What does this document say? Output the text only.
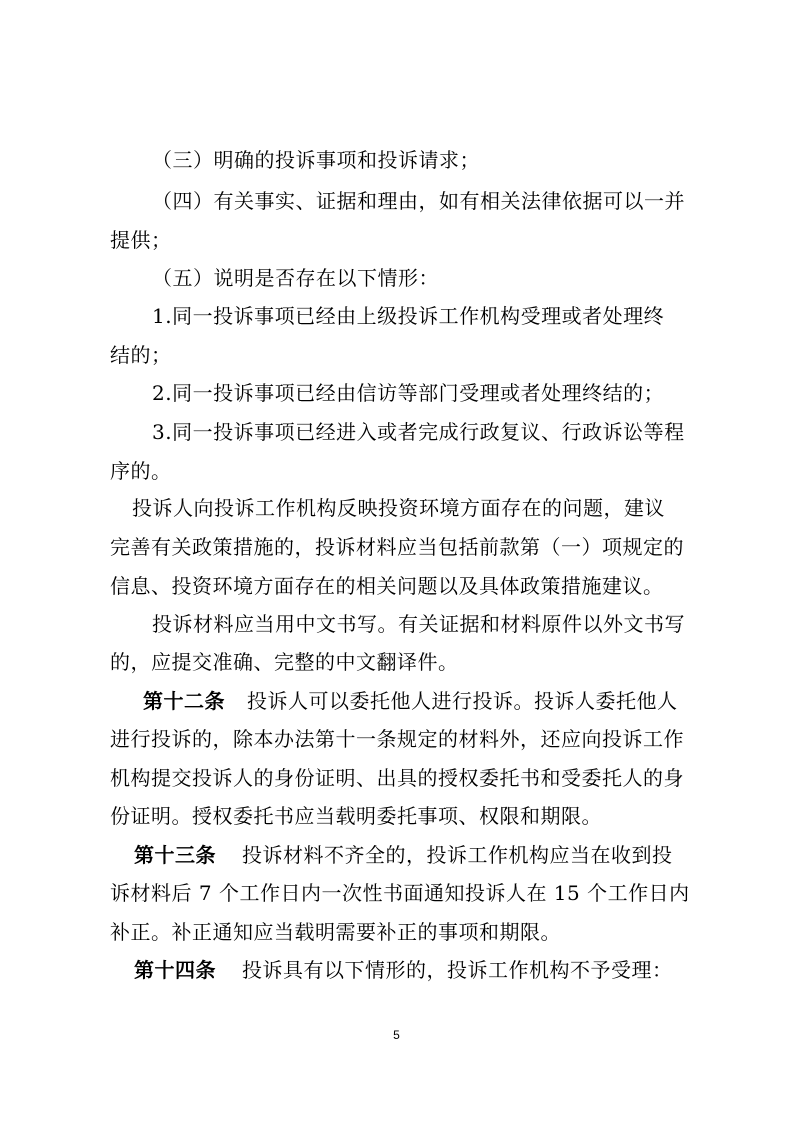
（三）明确的投诉事项和投诉请求；
（四）有关事实、证据和理由，如有相关法律依据可以一并
提供；
（五）说明是否存在以下情形：
1.同一投诉事项已经由上级投诉工作机构受理或者处理终
结的；
2.同一投诉事项已经由信访等部门受理或者处理终结的；
3.同一投诉事项已经进入或者完成行政复议、行政诉讼等程
序的。
投诉人向投诉工作机构反映投资环境方面存在的问题，建议
完善有关政策措施的，投诉材料应当包括前款第（一）项规定的
信息、投资环境方面存在的相关问题以及具体政策措施建议。
投诉材料应当用中文书写。有关证据和材料原件以外文书写
的，应提交准确、完整的中文翻译件。
第十二条 投诉人可以委托他人进行投诉。投诉人委托他人
进行投诉的，除本办法第十一条规定的材料外，还应向投诉工作
机构提交投诉人的身份证明、出具的授权委托书和受委托人的身
份证明。授权委托书应当载明委托事项、权限和期限。
第十三条 投诉材料不齐全的，投诉工作机构应当在收到投
诉材料后 7 个工作日内一次性书面通知投诉人在 15 个工作日内
补正。补正通知应当载明需要补正的事项和期限。
第十四条 投诉具有以下情形的，投诉工作机构不予受理：
5
